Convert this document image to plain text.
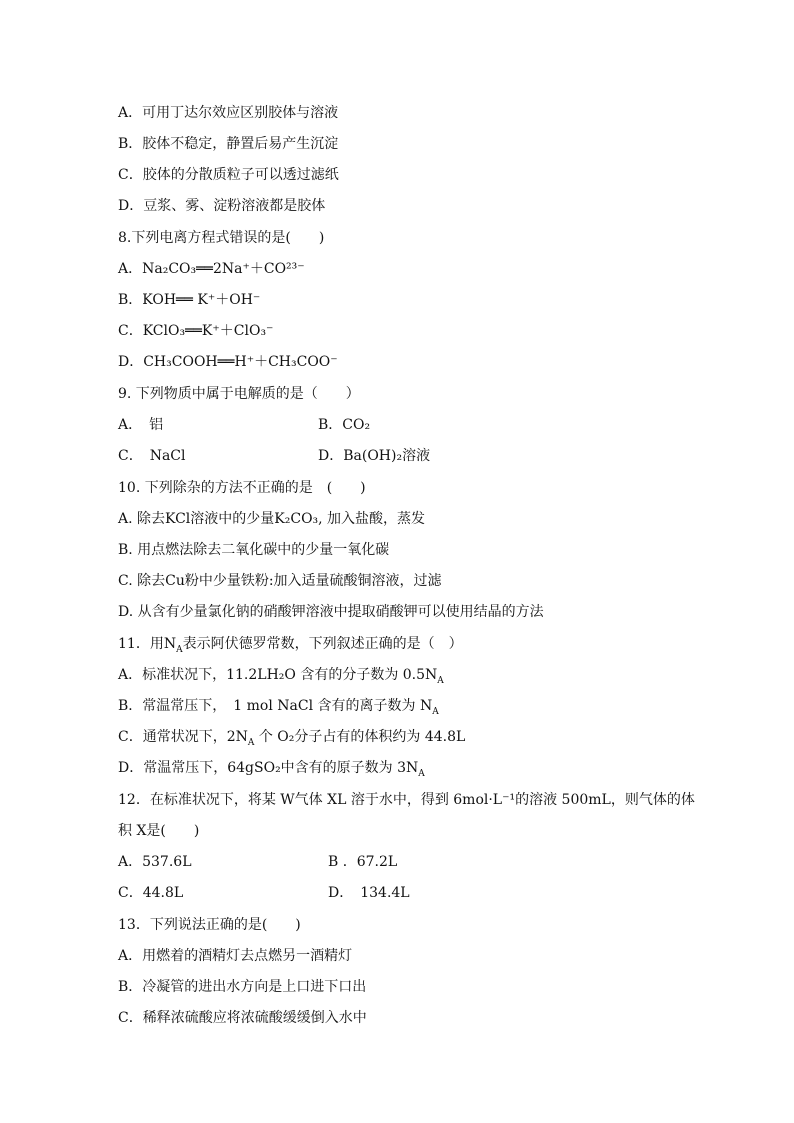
A．可用丁达尔效应区别胶体与溶液
B．胶体不稳定，静置后易产生沉淀
C．胶体的分散质粒子可以透过滤纸
D．豆浆、雾、淀粉溶液都是胶体
8.下列电离方程式错误的是(　　)
A．Na₂CO₃══2Na⁺＋CO²³⁻
B．KOH══ K⁺＋OH⁻
C．KClO₃══K⁺＋ClO₃⁻
D．CH₃COOH══H⁺＋CH₃COO⁻
9. 下列物质中属于电解质的是（　　）
A．　铝	B．CO₂
C．　NaCl	D．Ba(OH)₂溶液
10. 下列除杂的方法不正确的是　(　　)
A. 除去KCl溶液中的少量K₂CO₃, 加入盐酸，蒸发
B. 用点燃法除去二氧化碳中的少量一氧化碳
C. 除去Cu粉中少量铁粉:加入适量硫酸铜溶液，过滤
D. 从含有少量氯化钠的硝酸钾溶液中提取硝酸钾可以使用结晶的方法
11．用$N_A$表示阿伏德罗常数，下列叙述正确的是（　）
A．标准状况下，11.2LH₂O 含有的分子数为 $0.5N_A$
B．常温常压下，　1 mol NaCl 含有的离子数为 $N_A$
C．通常状况下，$2N_A$ 个 O₂分子占有的体积约为 44.8L
D．常温常压下，64gSO₂中含有的原子数为 $3N_A$
12．在标准状况下，将某 W气体 XL 溶于水中，得到 6mol·L⁻¹的溶液 500mL，则气体的体
积 X是(　　)
A．537.6L	B ．67.2L
C．44.8L	D．　134.4L
13．下列说法正确的是(　　)
A．用燃着的酒精灯去点燃另一酒精灯
B．冷凝管的进出水方向是上口进下口出
C．稀释浓硫酸应将浓硫酸缓缓倒入水中
